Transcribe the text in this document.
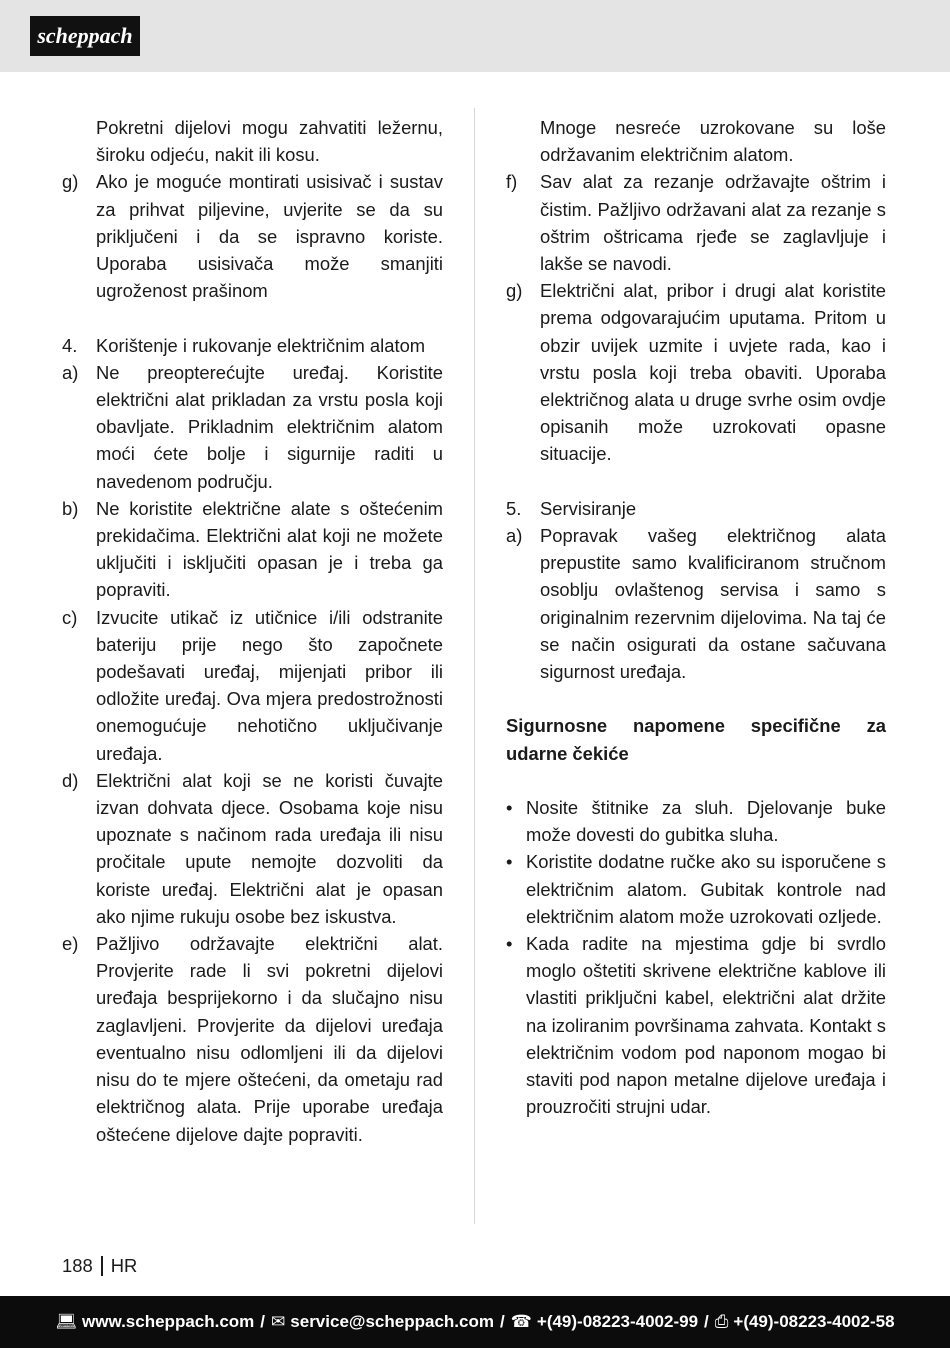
scheppach
Pokretni dijelovi mogu zahvatiti ležernu, široku odjeću, nakit ili kosu.
g) Ako je moguće montirati usisivač i sustav za prihvat piljevine, uvjerite se da su priključeni i da se ispravno koriste. Uporaba usisivača može smanjiti ugroženost prašinom
4.	Korištenje i rukovanje električnim alatom
a) Ne preopterećujte uređaj. Koristite električni alat prikladan za vrstu posla koji obavljate. Prikladnim električnim alatom moći ćete bolje i sigurnije raditi u navedenom području.
b) Ne koristite električne alate s oštećenim prekidačima. Električni alat koji ne možete uključiti i isključiti opasan je i treba ga popraviti.
c)	Izvucite utikač iz utičnice i/ili odstranite bateriju prije nego što započnete podešavati uređaj, mijenjati pribor ili odložite uređaj. Ova mjera predostrožnosti onemogućuje nehotično uključivanje uređaja.
d) Električni alat koji se ne koristi čuvajte izvan dohvata djece. Osobama koje nisu upoznate s načinom rada uređaja ili nisu pročitale upute nemojte dozvoliti da koriste uređaj. Električni alat je opasan ako njime rukuju osobe bez iskustva.
e) Pažljivo održavajte električni alat. Provjerite rade li svi pokretni dijelovi uređaja besprijekorno i da slučajno nisu zaglavljeni. Provjerite da dijelovi uređaja eventualno nisu odlomljeni ili da dijelovi nisu do te mjere oštećeni, da ometaju rad električnog alata. Prije uporabe uređaja oštećene dijelove dajte popraviti.
Mnoge nesreće uzrokovane su loše održavanim električnim alatom.
f)	Sav alat za rezanje održavajte oštrim i čistim. Pažljivo održavani alat za rezanje s oštrim oštricama rjeđe se zaglavljuje i lakše se navodi.
g) Električni alat, pribor i drugi alat koristite prema odgovarajućim uputama. Pritom u obzir uvijek uzmite i uvjete rada, kao i vrstu posla koji treba obaviti. Uporaba električnog alata u druge svrhe osim ovdje opisanih može uzrokovati opasne situacije.
5.	Servisiranje
a) Popravak vašeg električnog alata prepustite samo kvalificiranom stručnom osoblju ovlaštenog servisa i samo s originalnim rezervnim dijelovima. Na taj će se način osigurati da ostane sačuvana sigurnost uređaja.
Sigurnosne napomene specifične za udarne čekiće
• Nosite štitnike za sluh. Djelovanje buke može dovesti do gubitka sluha.
• Koristite dodatne ručke ako su isporučene s električnim alatom. Gubitak kontrole nad električnim alatom može uzrokovati ozljede.
• Kada radite na mjestima gdje bi svrdlo moglo oštetiti skrivene električne kablove ili vlastiti priključni kabel, električni alat držite na izoliranim površinama zahvata. Kontakt s električnim vodom pod naponom mogao bi staviti pod napon metalne dijelove uređaja i prouzročiti strujni udar.
188 HR
💻︎ www.scheppach.com / ✉︎ service@scheppach.com / ☎︎ +(49)-08223-4002-99 / ⎙ +(49)-08223-4002-58
